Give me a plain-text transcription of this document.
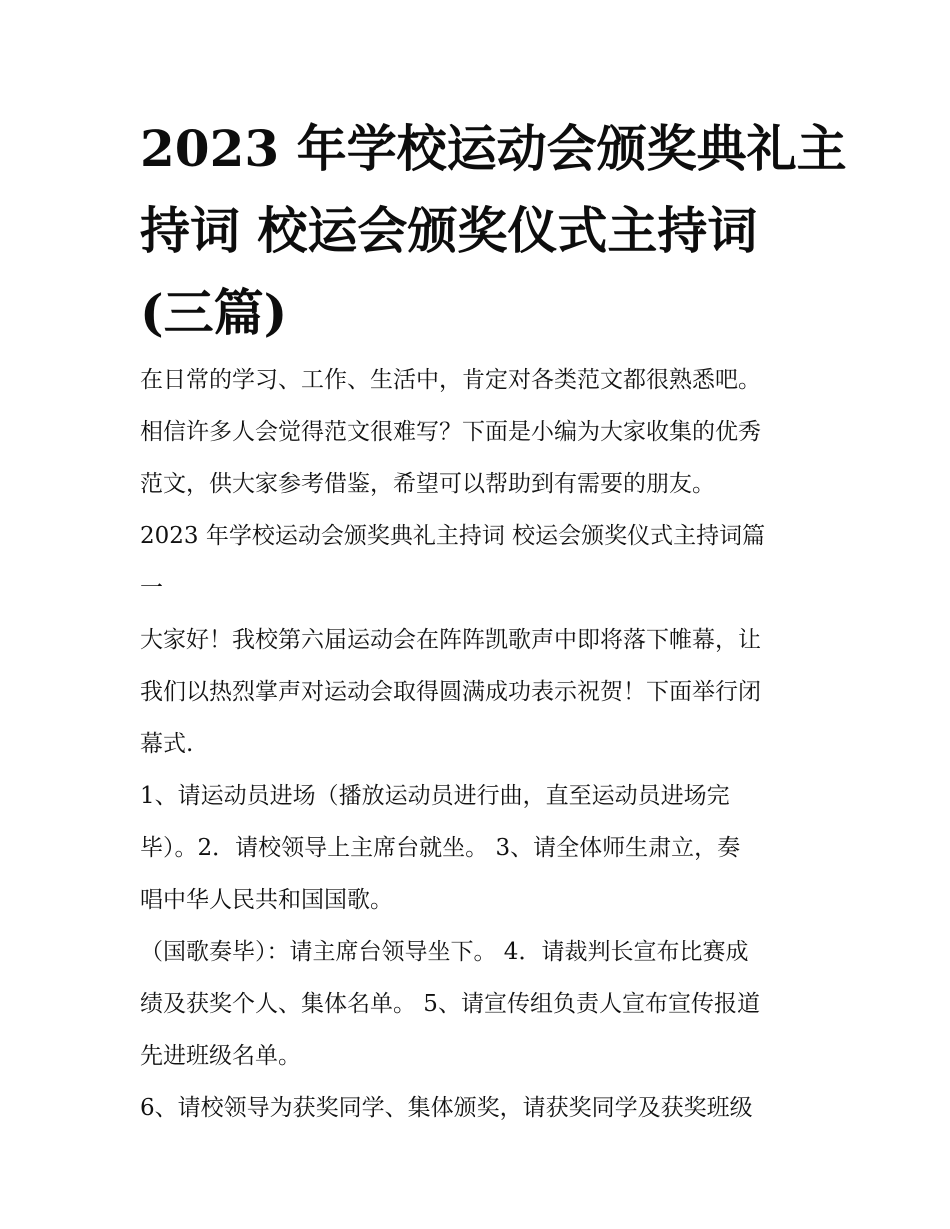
2023 年学校运动会颁奖典礼主
持词 校运会颁奖仪式主持词
(三篇)
在日常的学习、工作、生活中，肯定对各类范文都很熟悉吧。
相信许多人会觉得范文很难写？下面是小编为大家收集的优秀
范文，供大家参考借鉴，希望可以帮助到有需要的朋友。
2023 年学校运动会颁奖典礼主持词 校运会颁奖仪式主持词篇
一
大家好！我校第六届运动会在阵阵凯歌声中即将落下帷幕，让
我们以热烈掌声对运动会取得圆满成功表示祝贺！下面举行闭
幕式.
1、请运动员进场（播放运动员进行曲，直至运动员进场完
毕）。2．请校领导上主席台就坐。 3、请全体师生肃立，奏
唱中华人民共和国国歌。
（国歌奏毕）：请主席台领导坐下。 4．请裁判长宣布比赛成
绩及获奖个人、集体名单。 5、请宣传组负责人宣布宣传报道
先进班级名单。
6、请校领导为获奖同学、集体颁奖，请获奖同学及获奖班级
